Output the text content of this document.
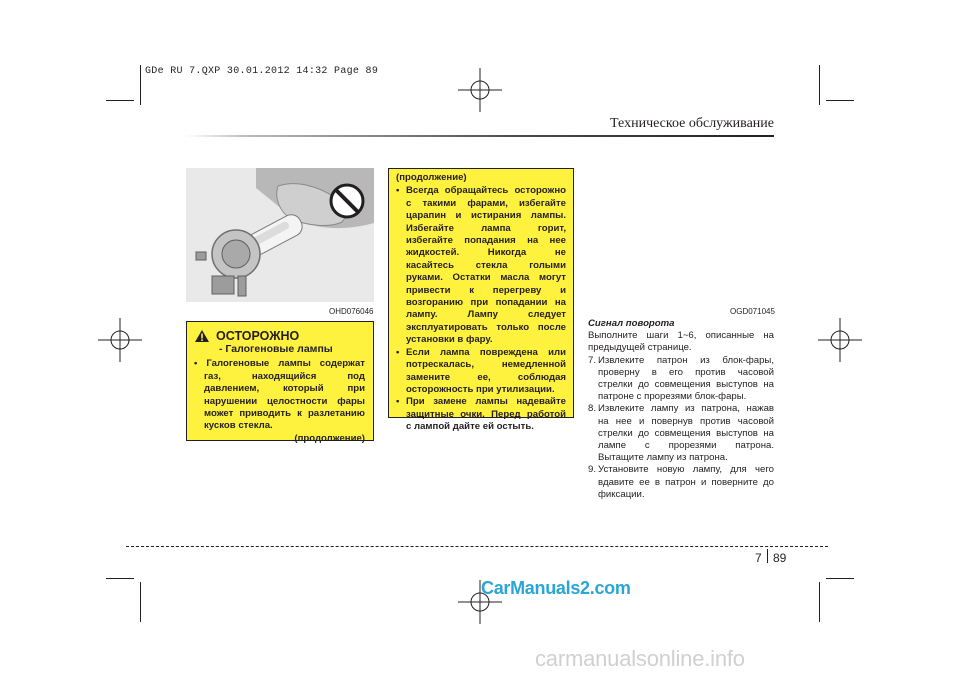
GDe RU 7.QXP 30.01.2012 14:32 Page 89
Техническое обслуживание
OHD076046
ОСТОРОЖНО

- Галогеновые лампы

• Галогеновые лампы содержат

газ, находящийся под

давлением, который при

нарушении целостности фары

может приводить к разлетанию

кусков стекла.

(продолжение)

(продолжение)

• Всегда обращайтесь осторожно

с такими фарами, избегайте

царапин и истирания лампы.

Избегайте лампа горит,

избегайте попадания на нее

жидкостей. Никогда не

касайтесь стекла голыми

руками. Остатки масла могут

привести к перегреву и

возгоранию при попадании на

лампу. Лампу следует

эксплуатировать только после

установки в фару.

• Если лампа повреждена или

потрескалась, немедленной

замените ее, соблюдая

осторожность при утилизации.

• При замене лампы надевайте

защитные очки. Перед работой

с лампой дайте ей остыть.

OGD071045

Сигнал поворота

Выполните шаги 1~6, описанные на

предыдущей странице.

7. Извлеките патрон из блок-фары,

проверну в его против часовой

стрелки до совмещения выступов на

патроне с прорезями блок-фары.

8. Извлеките лампу из патрона, нажав

на нее и повернув против часовой

стрелки до совмещения выступов на

лампе с прорезями патрона.

Вытащите лампу из патрона.

9. Установите новую лампу, для чего

вдавите ее в патрон и поверните до

фиксации.

7 89
CarManuals2.com
carmanualsonline.info
